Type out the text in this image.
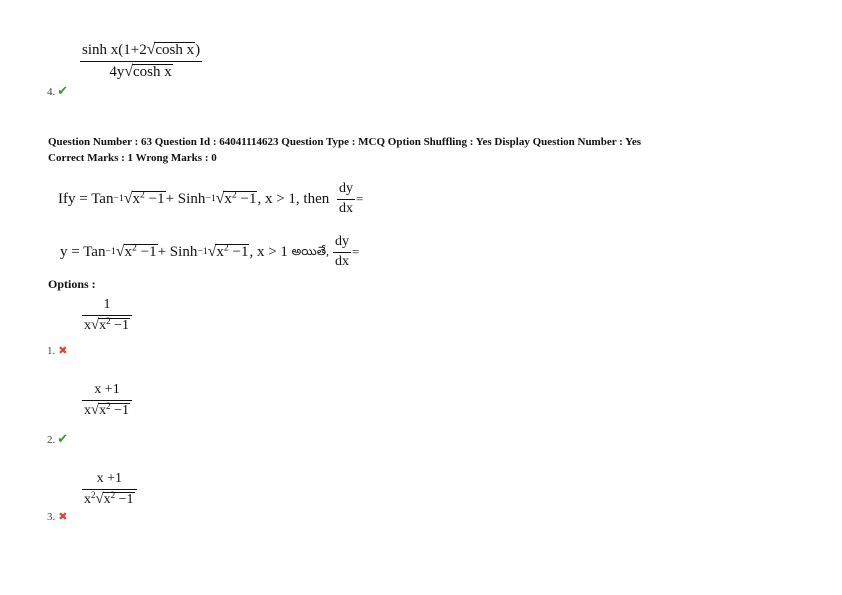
sinh x(1+2√cosh x)
4y√cosh x
4. ✔
Question Number : 63 Question Id : 64041114623 Question Type : MCQ Option Shuffling : Yes Display Question Number : Yes
Correct Marks : 1 Wrong Marks : 0
If y = Tan −1 √ $x^2 -1$ + Sinh −1 √ $x^2 -1$ , x > 1, then $\frac{dy}{dx}$ =
y = Tan −1 √ $x^2 -1$ + Sinh −1 √ $x^2 -1$ , x > 1 అయితే, $\frac{dy}{dx}$ =
Options :
1
$x√x^2 -1$
1. ✖
x +1
$x√x^2 -1$
2. ✔
x +1
$x^2√x^2 -1$
3. ✖
